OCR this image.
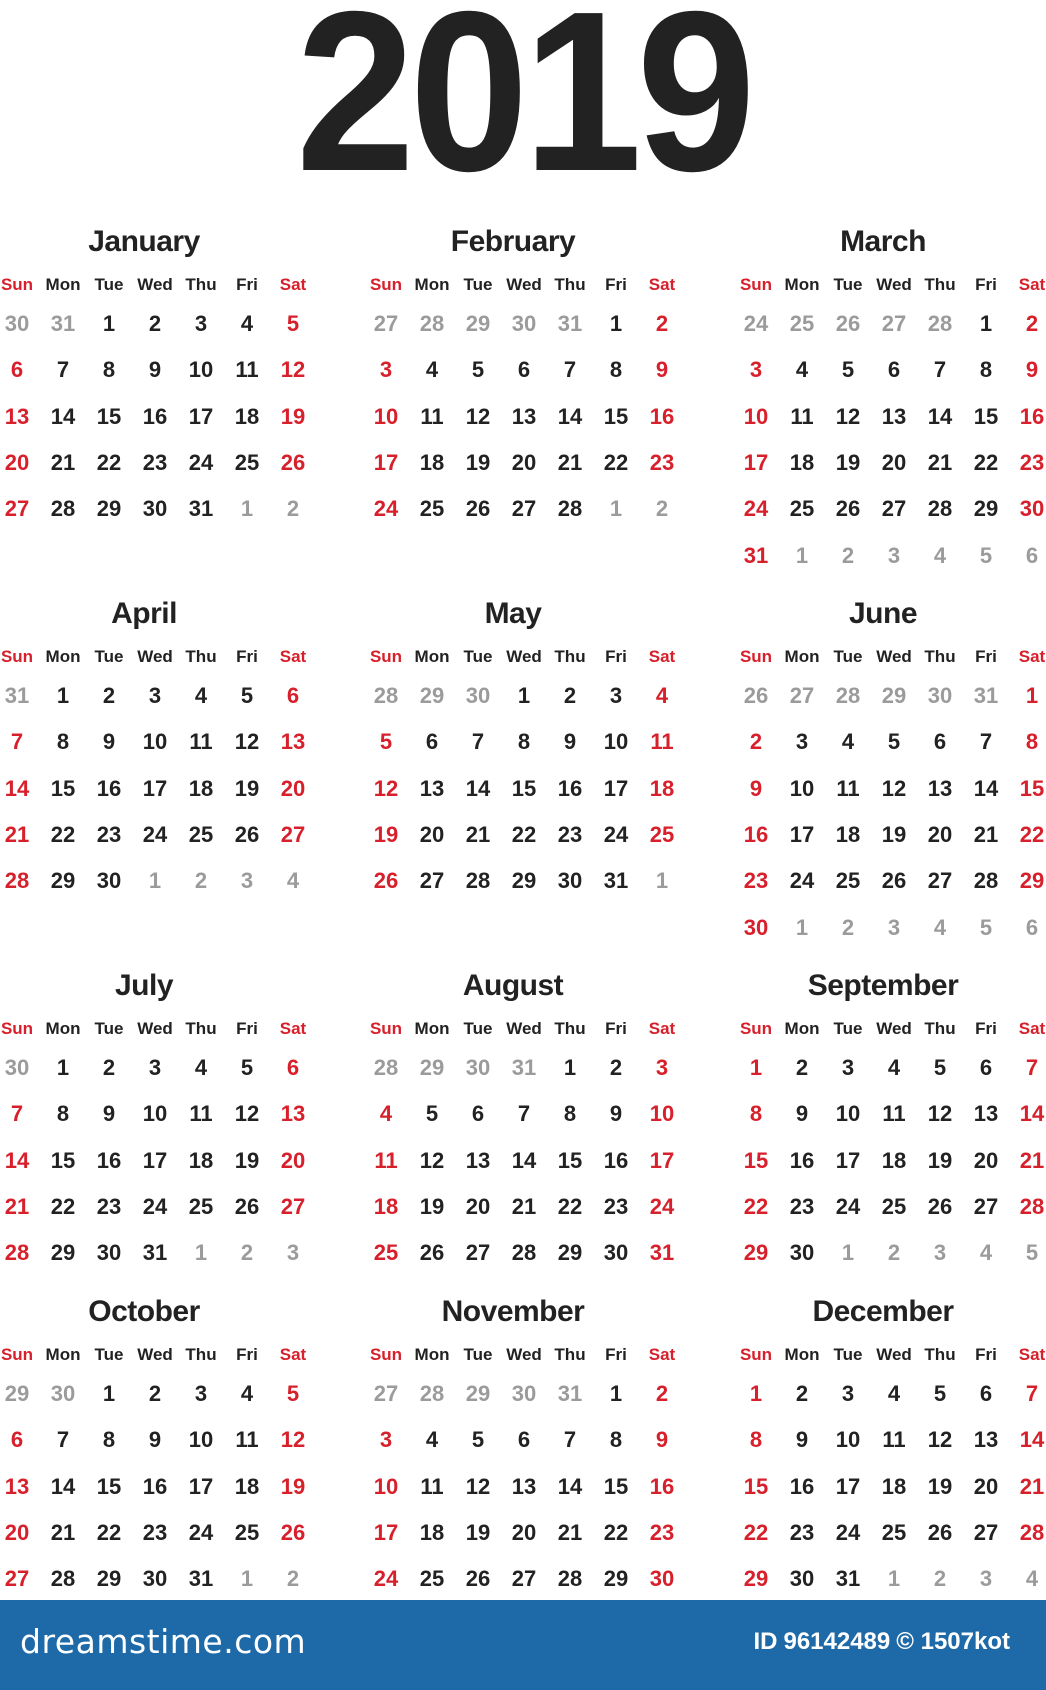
2019
January
Sun Mon Tue Wed Thu	Fri	Sat
30 31	1	2	3	4	5
6	7	8	9	10	11	12
13 14 15 16 17 18 19
20 21 22 23 24 25 26
27 28 29 30 31	1	2
February
Sun Mon Tue Wed Thu	Fri	Sat
27 28 29 30 31	1	2
3	4	5	6	7	8	9
10	11	12 13 14 15 16
17 18 19 20 21 22 23
24 25 26 27 28	1	2
March
Sun Mon Tue Wed Thu	Fri	Sat
24 25 26 27 28	1	2
3	4	5	6	7	8	9
10	11	12 13 14 15 16
17 18 19 20 21 22 23
24 25 26 27 28 29 30
31	1	2	3	4	5	6
April
Sun Mon Tue Wed Thu	Fri	Sat
31	1	2	3	4	5	6
7	8	9	10	11	12 13
14 15 16 17 18 19 20
21 22 23 24 25 26 27
28 29 30	1	2	3	4
May
Sun Mon Tue Wed Thu	Fri	Sat
28 29 30	1	2	3	4
5	6	7	8	9	10	11
12 13 14 15 16 17 18
19 20 21 22 23 24 25
26 27 28 29 30 31	1
June
Sun Mon Tue Wed Thu	Fri	Sat
26 27 28 29 30 31	1
2	3	4	5	6	7	8
9	10	11	12 13 14 15
16 17 18 19 20 21 22
23 24 25 26 27 28 29
30	1	2	3	4	5	6
July
Sun Mon Tue Wed Thu	Fri	Sat
30	1	2	3	4	5	6
7	8	9	10	11	12 13
14 15 16 17 18 19 20
21 22 23 24 25 26 27
28 29 30 31	1	2	3
August
Sun Mon Tue Wed Thu	Fri	Sat
28 29 30 31	1	2	3
4	5	6	7	8	9	10
11	12 13 14 15 16 17
18 19 20 21 22 23 24
25 26 27 28 29 30 31
September
Sun Mon Tue Wed Thu	Fri	Sat
1	2	3	4	5	6	7
8	9	10	11	12 13 14
15 16 17 18 19 20 21
22 23 24 25 26 27 28
29 30	1	2	3	4	5
October
Sun Mon Tue Wed Thu	Fri	Sat
29 30	1	2	3	4	5
6	7	8	9	10	11	12
13 14 15 16 17 18 19
20 21 22 23 24 25 26
27 28 29 30 31	1	2
November
Sun Mon Tue Wed Thu	Fri	Sat
27 28 29 30 31	1	2
3	4	5	6	7	8	9
10	11	12 13 14 15 16
17 18 19 20 21 22 23
24 25 26 27 28 29 30
December
Sun Mon Tue Wed Thu	Fri	Sat
1	2	3	4	5	6	7
8	9	10	11	12 13 14
15 16 17 18 19 20 21
22 23 24 25 26 27 28
29 30 31	1	2	3	4
dreamstime.com	ID 96142489 © 1507kot
